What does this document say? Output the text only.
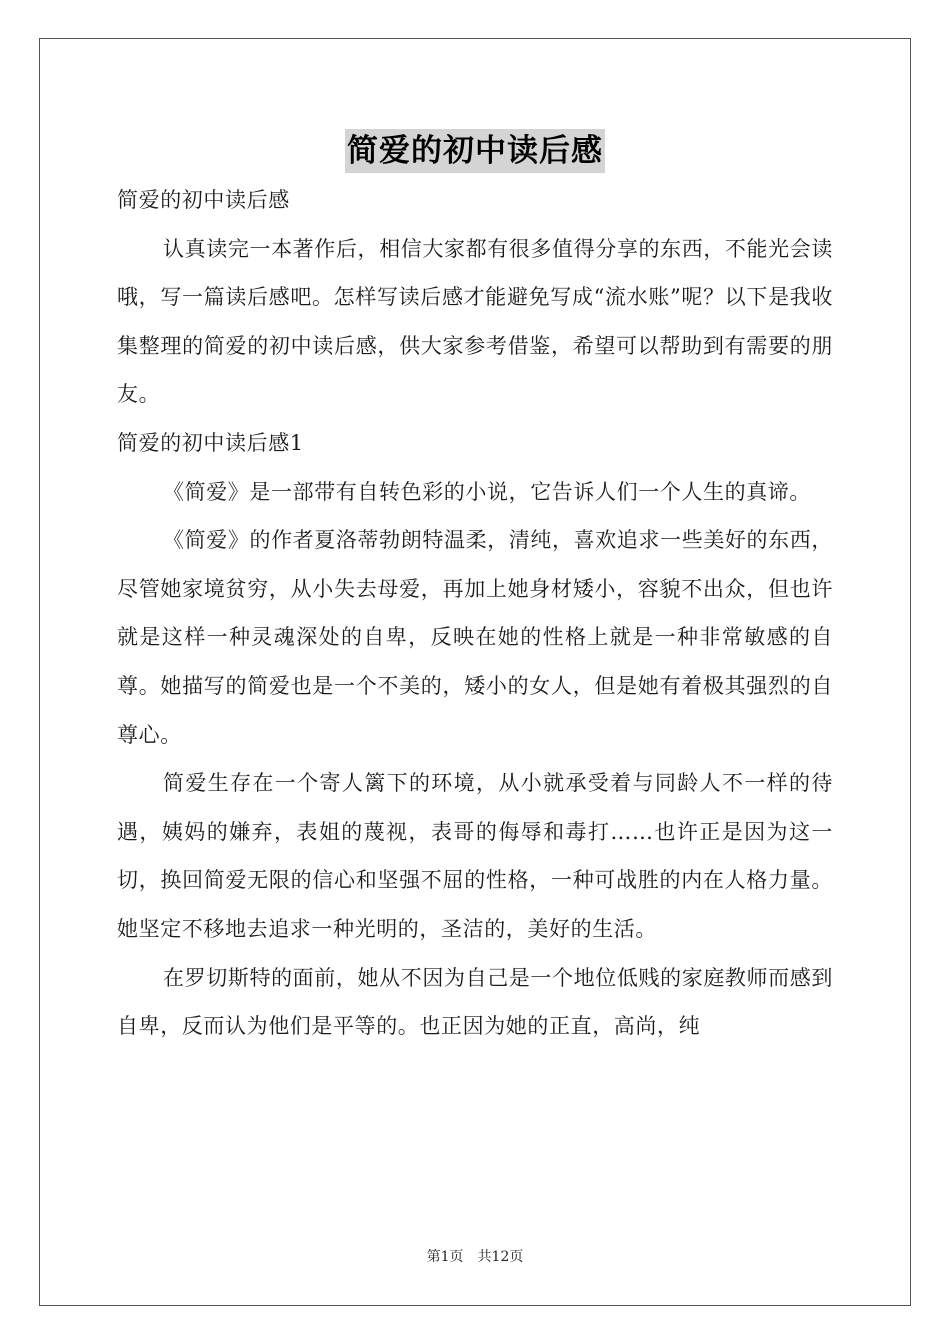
简爱的初中读后感

简爱的初中读后感

认真读完一本著作后，相信大家都有很多值得分享的东西，不能光会读哦，写一篇读后感吧。怎样写读后感才能避免写成“流水账”呢？以下是我收集整理的简爱的初中读后感，供大家参考借鉴，希望可以帮助到有需要的朋友。

简爱的初中读后感1

《简爱》是一部带有自转色彩的小说，它告诉人们一个人生的真谛。

《简爱》的作者夏洛蒂勃朗特温柔，清纯，喜欢追求一些美好的东西，尽管她家境贫穷，从小失去母爱，再加上她身材矮小，容貌不出众，但也许就是这样一种灵魂深处的自卑，反映在她的性格上就是一种非常敏感的自尊。她描写的简爱也是一个不美的，矮小的女人，但是她有着极其强烈的自尊心。

简爱生存在一个寄人篱下的环境，从小就承受着与同龄人不一样的待遇，姨妈的嫌弃，表姐的蔑视，表哥的侮辱和毒打……也许正是因为这一切，换回简爱无限的信心和坚强不屈的性格，一种可战胜的内在人格力量。她坚定不移地去追求一种光明的，圣洁的，美好的生活。

在罗切斯特的面前，她从不因为自己是一个地位低贱的家庭教师而感到自卑，反而认为他们是平等的。也正因为她的正直，高尚，纯

第1页 共12页
